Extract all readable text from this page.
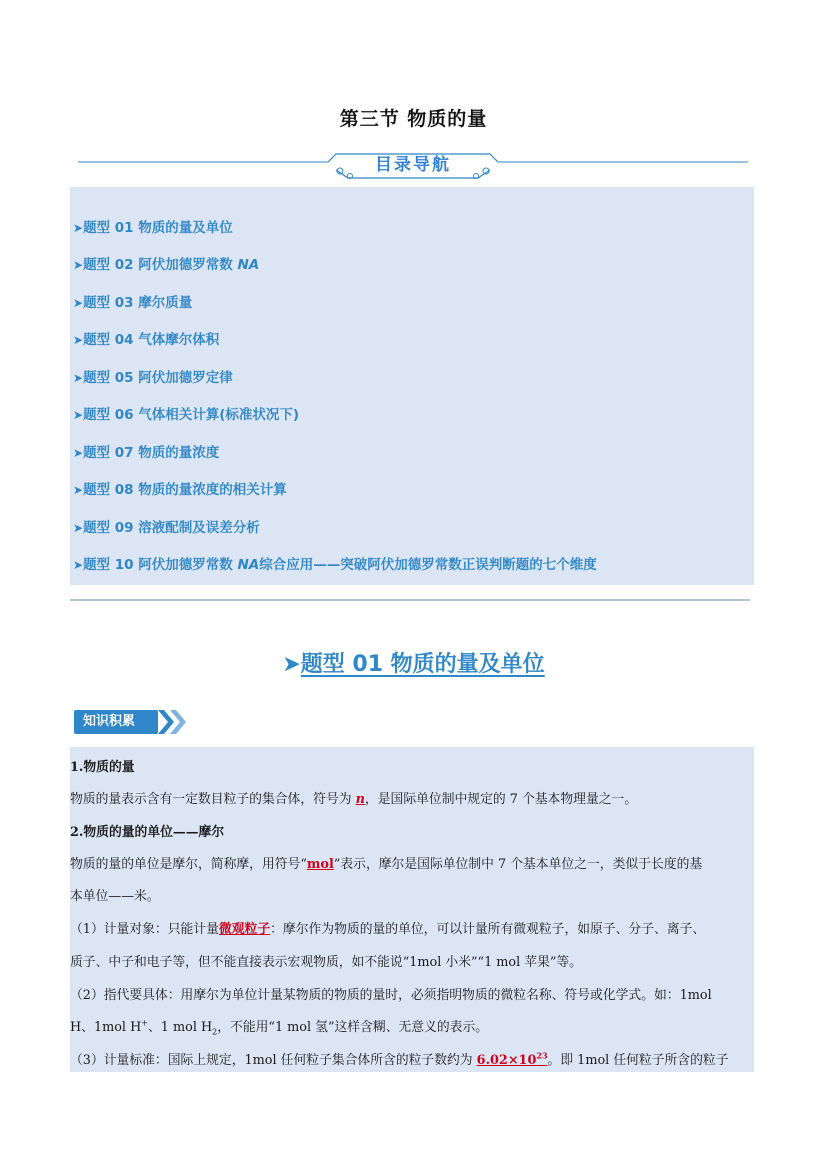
第三节 物质的量
目录导航
➤题型 01 物质的量及单位
➤题型 02 阿伏加德罗常数 NA
➤题型 03 摩尔质量
➤题型 04 气体摩尔体积
➤题型 05 阿伏加德罗定律
➤题型 06 气体相关计算(标准状况下)
➤题型 07 物质的量浓度
➤题型 08 物质的量浓度的相关计算
➤题型 09 溶液配制及误差分析
➤题型 10 阿伏加德罗常数 NA综合应用——突破阿伏加德罗常数正误判断题的七个维度
➤题型 01 物质的量及单位
知识积累
1.物质的量
物质的量表示含有一定数目粒子的集合体，符号为 n，是国际单位制中规定的 7 个基本物理量之一。
2.物质的量的单位——摩尔
物质的量的单位是摩尔，简称摩，用符号“mol”表示，摩尔是国际单位制中 7 个基本单位之一，类似于长度的基
本单位——米。
（1）计量对象：只能计量微观粒子：摩尔作为物质的量的单位，可以计量所有微观粒子，如原子、分子、离子、
质子、中子和电子等，但不能直接表示宏观物质，如不能说“1mol 小米”“1 mol 苹果”等。
（2）指代要具体：用摩尔为单位计量某物质的物质的量时，必须指明物质的微粒名称、符号或化学式。如：1mol
H、1mol H+、1 mol $H_2$，不能用“1 mol 氢”这样含糊、无意义的表示。
（3）计量标准：国际上规定，1mol 任何粒子集合体所含的粒子数约为 $6.02\times 10^{23}$。即 1mol 任何粒子所含的粒子
